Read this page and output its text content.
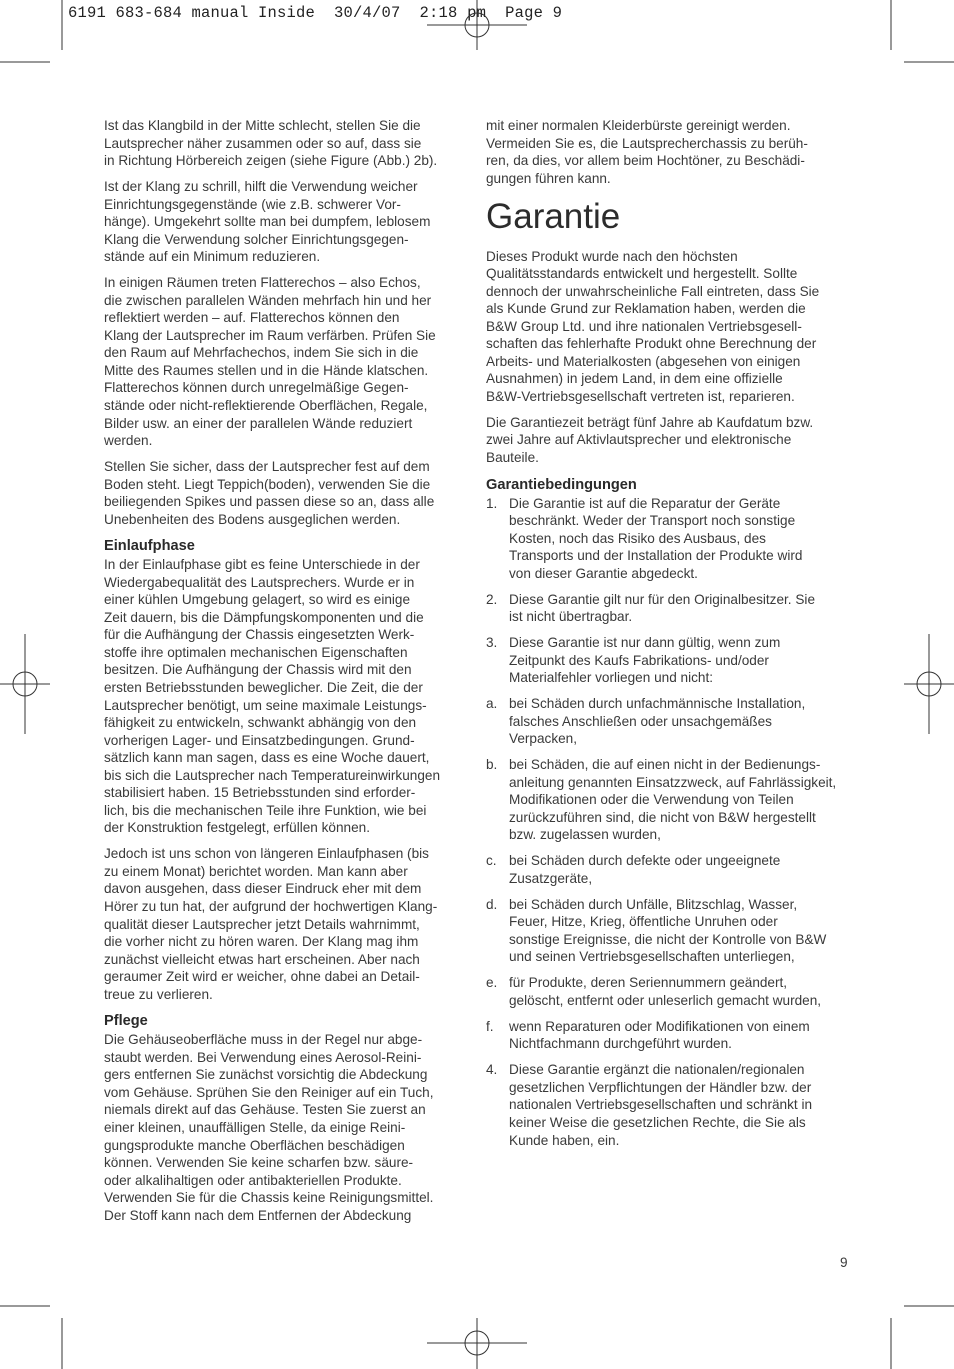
6191 683-684 manual Inside  30/4/07  2:18 pm  Page 9

Ist das Klangbild in der Mitte schlecht, stellen Sie die
Lautsprecher näher zusammen oder so auf, dass sie
in Richtung Hörbereich zeigen (siehe Figure (Abb.) 2b).

Ist der Klang zu schrill, hilft die Verwendung weicher
Einrichtungsgegenstände (wie z.B. schwerer Vor-
hänge). Umgekehrt sollte man bei dumpfem, leblosem
Klang die Verwendung solcher Einrichtungsgegen-
stände auf ein Minimum reduzieren.

In einigen Räumen treten Flatterechos – also Echos,
die zwischen parallelen Wänden mehrfach hin und her
reflektiert werden – auf. Flatterechos können den
Klang der Lautsprecher im Raum verfärben. Prüfen Sie
den Raum auf Mehrfachechos, indem Sie sich in die
Mitte des Raumes stellen und in die Hände klatschen.
Flatterechos können durch unregelmäßige Gegen-
stände oder nicht-reflektierende Oberflächen, Regale,
Bilder usw. an einer der parallelen Wände reduziert
werden.

Stellen Sie sicher, dass der Lautsprecher fest auf dem
Boden steht. Liegt Teppich(boden), verwenden Sie die
beiliegenden Spikes und passen diese so an, dass alle
Unebenheiten des Bodens ausgeglichen werden.

Einlaufphase

In der Einlaufphase gibt es feine Unterschiede in der
Wiedergabequalität des Lautsprechers. Wurde er in
einer kühlen Umgebung gelagert, so wird es einige
Zeit dauern, bis die Dämpfungskomponenten und die
für die Aufhängung der Chassis eingesetzten Werk-
stoffe ihre optimalen mechanischen Eigenschaften
besitzen. Die Aufhängung der Chassis wird mit den
ersten Betriebsstunden beweglicher. Die Zeit, die der
Lautsprecher benötigt, um seine maximale Leistungs-
fähigkeit zu entwickeln, schwankt abhängig von den
vorherigen Lager- und Einsatzbedingungen. Grund-
sätzlich kann man sagen, dass es eine Woche dauert,
bis sich die Lautsprecher nach Temperatureinwirkungen
stabilisiert haben. 15 Betriebsstunden sind erforder-
lich, bis die mechanischen Teile ihre Funktion, wie bei
der Konstruktion festgelegt, erfüllen können.

Jedoch ist uns schon von längeren Einlaufphasen (bis
zu einem Monat) berichtet worden. Man kann aber
davon ausgehen, dass dieser Eindruck eher mit dem
Hörer zu tun hat, der aufgrund der hochwertigen Klang-
qualität dieser Lautsprecher jetzt Details wahrnimmt,
die vorher nicht zu hören waren. Der Klang mag ihm
zunächst vielleicht etwas hart erscheinen. Aber nach
geraumer Zeit wird er weicher, ohne dabei an Detail-
treue zu verlieren.

Pflege

Die Gehäuseoberfläche muss in der Regel nur abge-
staubt werden. Bei Verwendung eines Aerosol-Reini-
gers entfernen Sie zunächst vorsichtig die Abdeckung
vom Gehäuse. Sprühen Sie den Reiniger auf ein Tuch,
niemals direkt auf das Gehäuse. Testen Sie zuerst an
einer kleinen, unauffälligen Stelle, da einige Reini-
gungsprodukte manche Oberflächen beschädigen
können. Verwenden Sie keine scharfen bzw. säure-
oder alkalihaltigen oder antibakteriellen Produkte.
Verwenden Sie für die Chassis keine Reinigungsmittel.
Der Stoff kann nach dem Entfernen der Abdeckung

mit einer normalen Kleiderbürste gereinigt werden.
Vermeiden Sie es, die Lautsprecherchassis zu berüh-
ren, da dies, vor allem beim Hochtöner, zu Beschädi-
gungen führen kann.

Garantie

Dieses Produkt wurde nach den höchsten
Qualitätsstandards entwickelt und hergestellt. Sollte
dennoch der unwahrscheinliche Fall eintreten, dass Sie
als Kunde Grund zur Reklamation haben, werden die
B&W Group Ltd. und ihre nationalen Vertriebsgesell-
schaften das fehlerhafte Produkt ohne Berechnung der
Arbeits- und Materialkosten (abgesehen von einigen
Ausnahmen) in jedem Land, in dem eine offizielle
B&W-Vertriebsgesellschaft vertreten ist, reparieren.

Die Garantiezeit beträgt fünf Jahre ab Kaufdatum bzw.
zwei Jahre auf Aktivlautsprecher und elektronische
Bauteile.

Garantiebedingungen
1. Die Garantie ist auf die Reparatur der Geräte
beschränkt. Weder der Transport noch sonstige
Kosten, noch das Risiko des Ausbaus, des
Transports und der Installation der Produkte wird
von dieser Garantie abgedeckt.
2. Diese Garantie gilt nur für den Originalbesitzer. Sie
ist nicht übertragbar.
3. Diese Garantie ist nur dann gültig, wenn zum
Zeitpunkt des Kaufs Fabrikations- und/oder
Materialfehler vorliegen und nicht:
a. bei Schäden durch unfachmännische Installation,
falsches Anschließen oder unsachgemäßes
Verpacken,
b. bei Schäden, die auf einen nicht in der Bedienungs-
anleitung genannten Einsatzzweck, auf Fahrlässigkeit,
Modifikationen oder die Verwendung von Teilen
zurückzuführen sind, die nicht von B&W hergestellt
bzw. zugelassen wurden,
c. bei Schäden durch defekte oder ungeeignete
Zusatzgeräte,
d. bei Schäden durch Unfälle, Blitzschlag, Wasser,
Feuer, Hitze, Krieg, öffentliche Unruhen oder
sonstige Ereignisse, die nicht der Kontrolle von B&W
und seinen Vertriebsgesellschaften unterliegen,
e. für Produkte, deren Seriennummern geändert,
gelöscht, entfernt oder unleserlich gemacht wurden,
f.	wenn Reparaturen oder Modifikationen von einem
Nichtfachmann durchgeführt wurden.
4. Diese Garantie ergänzt die nationalen/regionalen
gesetzlichen Verpflichtungen der Händler bzw. der
nationalen Vertriebsgesellschaften und schränkt in
keiner Weise die gesetzlichen Rechte, die Sie als
Kunde haben, ein.
9
